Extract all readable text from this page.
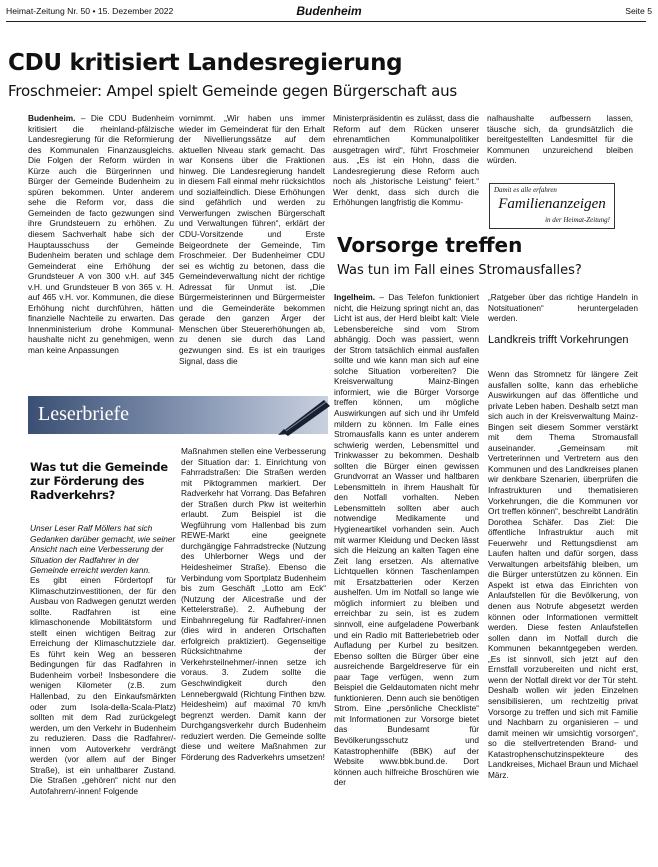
Heimat-Zeitung Nr. 50 • 15. Dezember 2022	Budenheim	Seite 5
CDU kritisiert Landesregierung
Froschmeier: Ampel spielt Gemeinde gegen Bürgerschaft aus

Budenheim. – Die CDU Budenheim kritisiert die rheinland-pfälzische Landesregierung für die Reformierung des Kommunalen Finanzausgleichs. Die Folgen der Reform würden in Kürze auch die Bürgerinnen und Bürger der Gemeinde Budenheim zu spüren bekommen. Unter anderem sehe die Reform vor, dass die Gemeinden de facto gezwungen sind ihre Grundsteuern zu erhöhen. Zu diesem Sachverhalt habe sich der Hauptausschuss der Gemeinde Budenheim beraten und schlage dem Gemeinderat eine Erhöhung der Grundsteuer A von 300 v.H. auf 345 v.H. und Grundsteuer B von 365 v. H. auf 465 v.H. vor. Kommunen, die diese Erhöhung nicht durchführen, hätten finanzielle Nachteile zu erwarten. Das Innenministerium drohe Kommunalhaushalte nicht zu genehmigen, wenn man keine Anpassungen

vornimmt. „Wir haben uns immer wieder im Gemeinderat für den Erhalt der Nivellierungssätze auf dem aktuellen Niveau stark gemacht. Das war Konsens über die Fraktionen hinweg. Die Landesregierung handelt in diesem Fall einmal mehr rücksichtlos und sozialfeindlich. Diese Erhöhungen sind gefährlich und werden zu Verwerfungen zwischen Bürgerschaft und Verwaltungen führen“, erklärt der CDU-Vorsitzende und Erste Beigeordnete der Gemeinde, Tim Froschmeier. Der Budenheimer CDU sei es wichtig zu betonen, dass die Gemeindeverwaltung nicht der richtige Adressat für Unmut ist. „Die Bürgermeisterinnen und Bürgermeister und die Gemeinderäte bekommen gerade den ganzen Ärger der Menschen über Steuererhöhungen ab, zu denen sie durch das Land gezwungen sind. Es ist ein trauriges Signal, dass die

Ministerpräsidentin es zulässt, dass die Reform auf dem Rücken unserer ehrenamtlichen Kommunalpolitiker ausgetragen wird“, führt Froschmeier aus. „Es ist ein Hohn, dass die Landesregierung diese Reform auch noch als „historische Leistung“ feiert.“ Wer denkt, dass sich durch die Erhöhungen langfristig die Kommu-

nalhaushalte aufbessern lassen, täusche sich, da grundsätzlich die bereitgestellten Landesmittel für die Kommunen unzureichend bleiben würden.

Damit es alle erfahren
Familienanzeigen
in der Heimat-Zeitung!
Vorsorge treffen
Was tun im Fall eines Stromausfalles?

Ingelheim. – Das Telefon funktioniert nicht, die Heizung springt nicht an, das Licht ist aus, der Herd bleibt kalt: Viele Lebensbereiche sind vom Strom abhängig. Doch was passiert, wenn der Strom tatsächlich einmal ausfallen sollte und wie kann man sich auf eine solche Situation vorbereiten? Die Kreisverwaltung Mainz-Bingen informiert, wie die Bürger Vorsorge treffen können, um mögliche Auswirkungen auf sich und ihr Umfeld mildern zu können. Im Falle eines Stromausfalls kann es unter anderem schwierig werden, Lebensmittel und Trinkwasser zu bekommen. Deshalb sollten die Bürger einen gewissen Grundvorrat an Wasser und haltbaren Lebensmitteln in ihrem Haushalt für den Notfall vorhalten. Neben Lebensmitteln sollten aber auch notwendige Medikamente und Hygieneartikel vorhanden sein. Auch mit warmer Kleidung und Decken lässt sich die Heizung an kalten Tagen eine Zeit lang ersetzen. Als alternative Lichtquellen können Taschenlampen mit Ersatzbatterien oder Kerzen aushelfen. Um im Notfall so lange wie möglich informiert zu bleiben und erreichbar zu sein, ist es zudem sinnvoll, eine aufgeladene Powerbank und ein Radio mit Batteriebetrieb oder Aufladung per Kurbel zu besitzen. Ebenso sollten die Bürger über eine ausreichende Bargeldreserve für ein paar Tage verfügen, wenn zum Beispiel die Geldautomaten nicht mehr funktionieren. Denn auch sie benötigen Strom. Eine „persönliche Checkliste“ mit Informationen zur Vorsorge bietet das Bundesamt für Bevölkerungsschutz und Katastrophenhilfe (BBK) auf der Website www.bbk.bund.de. Dort können auch hilfreiche Broschüren wie der

„Ratgeber über das richtige Handeln in Notsituationen“ heruntergeladen werden.

Landkreis trifft Vorkehrungen

Wenn das Stromnetz für längere Zeit ausfallen sollte, kann das erhebliche Auswirkungen auf das öffentliche und private Leben haben. Deshalb setzt man sich auch in der Kreisverwaltung Mainz-Bingen seit diesem Sommer verstärkt mit dem Thema Stromausfall auseinander. „Gemeinsam mit Vertreterinnen und Vertretern aus den Kommunen und des Landkreises planen wir denkbare Szenarien, überprüfen die Infrastrukturen und thematisieren Vorkehrungen, die die Kommunen vor Ort treffen können“, beschreibt Landrätin Dorothea Schäfer. Das Ziel: Die öffentliche Infrastruktur auch mit Feuerwehr und Rettungsdienst am Laufen halten und dafür sorgen, dass Verwaltungen arbeitsfähig bleiben, um die Bürger unterstützen zu können. Ein Aspekt ist etwa das Einrichten von Anlaufstellen für die Bevölkerung, von denen aus Notrufe abgesetzt werden können oder Informationen vermittelt werden. Diese festen Anlaufstellen sollen dann im Notfall durch die Kommunen bekanntgegeben werden. „Es ist sinnvoll, sich jetzt auf den Ernstfall vorzubereiten und nicht erst, wenn der Notfall direkt vor der Tür steht. Deshalb wollen wir jeden Einzelnen sensibilisieren, um rechtzeitig privat Vorsorge zu treffen und sich mit Familie und Nachbarn zu organisieren – und damit meinen wir umsichtig vorsorgen“, so die stellvertretenden Brand- und Katastrophenschutzinspekteure des Landkreises, Michael Braun und Michael März.

Leserbriefe
Was tut die Gemeinde zur Förderung des Radverkehrs?
Unser Leser Ralf Möllers hat sich Gedanken darüber gemacht, wie seiner Ansicht nach eine Verbesserung der Situation der Radfahrer in der Gemeinde erreicht werden kann.

Es gibt einen Fördertopf für Klimaschutzinvestitionen, der für den Ausbau von Radwegen genutzt werden sollte. Radfahren ist eine klimaschonende Mobilitätsform und stellt einen wichtigen Beitrag zur Erreichung der Klimaschutzziele dar. Es führt kein Weg an besseren Bedingungen für das Radfahren in Budenheim vorbei! Insbesondere die wenigen Kilometer (z.B. zum Hallenbad, zu den Einkaufsmärkten oder zum Isola-della-Scala-Platz) sollten mit dem Rad zurückgelegt werden, um den Verkehr in Budenheim zu reduzieren. Dass die Radfahrer/-innen vom Autoverkehr verdrängt werden (vor allem auf der Binger Straße), ist ein unhaltbarer Zustand. Die Straßen „gehören“ nicht nur den Autofahrern/-innen! Folgende

Maßnahmen stellen eine Verbesserung der Situation dar: 1. Einrichtung von Fahrradstraßen: Die Straßen werden mit Piktogrammen markiert. Der Radverkehr hat Vorrang. Das Befahren der Straßen durch Pkw ist weiterhin erlaubt. Zum Beispiel ist die Wegführung vom Hallenbad bis zum REWE-Markt eine geeignete durchgängige Fahrradstrecke (Nutzung des Uhlerborner Wegs und der Heidesheimer Straße). Ebenso die Verbindung vom Sportplatz Budenheim bis zum Geschäft „Lotto am Eck“ (Nutzung der Alicestraße und der Kettelerstraße). 2. Aufhebung der Einbahnregelung für Radfahrer/-innen (dies wird in anderen Ortschaften erfolgreich praktiziert). Gegenseitige Rücksichtnahme der Verkehrsteilnehmer/-innen setze ich voraus. 3. Zudem sollte die Geschwindigkeit durch den Lennebergwald (Richtung Finthen bzw. Heidesheim) auf maximal 70 km/h begrenzt werden. Damit kann der Durchgangsverkehr durch Budenheim reduziert werden. Die Gemeinde sollte diese und weitere Maßnahmen zur Förderung des Radverkehrs umsetzen!
